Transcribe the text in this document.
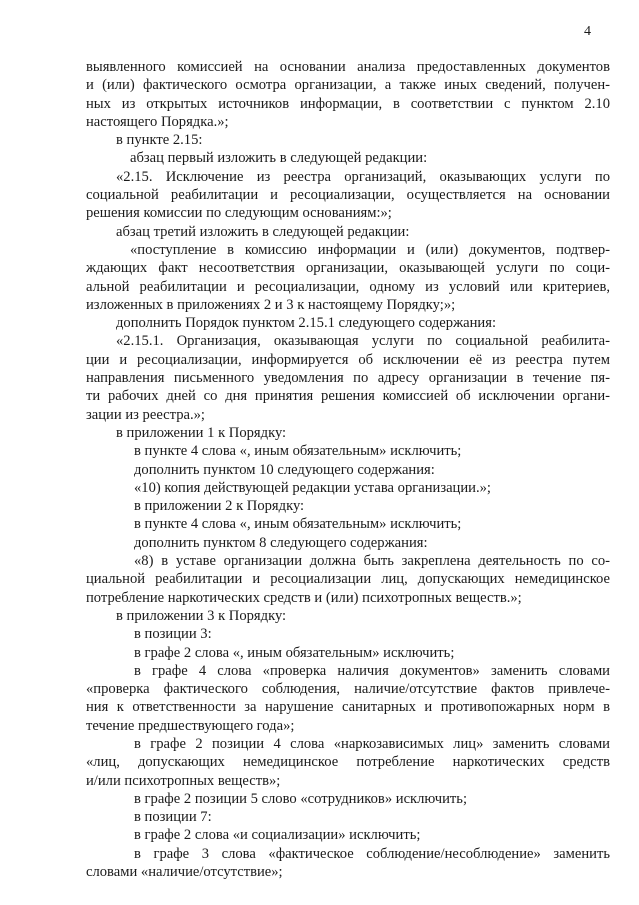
4
выявленного комиссией на основании анализа предоставленных документов
и (или) фактического осмотра организации, а также иных сведений, получен-
ных из открытых источников информации, в соответствии с пунктом 2.10
настоящего Порядка.»;
в пункте 2.15:
абзац первый изложить в следующей редакции:
«2.15. Исключение из реестра организаций, оказывающих услуги по
социальной реабилитации и ресоциализации, осуществляется на основании
решения комиссии по следующим основаниям:»;
абзац третий изложить в следующей редакции:
«поступление в комиссию информации и (или) документов, подтвер-
ждающих факт несоответствия организации, оказывающей услуги по соци-
альной реабилитации и ресоциализации, одному из условий или критериев,
изложенных в приложениях 2 и 3 к настоящему Порядку;»;
дополнить Порядок пунктом 2.15.1 следующего содержания:
«2.15.1. Организация, оказывающая услуги по социальной реабилита-
ции и ресоциализации, информируется об исключении её из реестра путем
направления письменного уведомления по адресу организации в течение пя-
ти рабочих дней со дня принятия решения комиссией об исключении органи-
зации из реестра.»;
в приложении 1 к Порядку:
в пункте 4 слова «, иным обязательным» исключить;
дополнить пунктом 10 следующего содержания:
«10) копия действующей редакции устава организации.»;
в приложении 2 к Порядку:
в пункте 4 слова «, иным обязательным» исключить;
дополнить пунктом 8 следующего содержания:
«8) в уставе организации должна быть закреплена деятельность по со-
циальной реабилитации и ресоциализации лиц, допускающих немедицинское
потребление наркотических средств и (или) психотропных веществ.»;
в приложении 3 к Порядку:
в позиции 3:
в графе 2 слова «, иным обязательным» исключить;
в графе 4 слова «проверка наличия документов» заменить словами
«проверка фактического соблюдения, наличие/отсутствие фактов привлече-
ния к ответственности за нарушение санитарных и противопожарных норм в
течение предшествующего года»;
в графе 2 позиции 4 слова «наркозависимых лиц» заменить словами
«лиц, допускающих немедицинское потребление наркотических средств
и/или психотропных веществ»;
в графе 2 позиции 5 слово «сотрудников» исключить;
в позиции 7:
в графе 2 слова «и социализации» исключить;
в графе 3 слова «фактическое соблюдение/несоблюдение» заменить
словами «наличие/отсутствие»;
